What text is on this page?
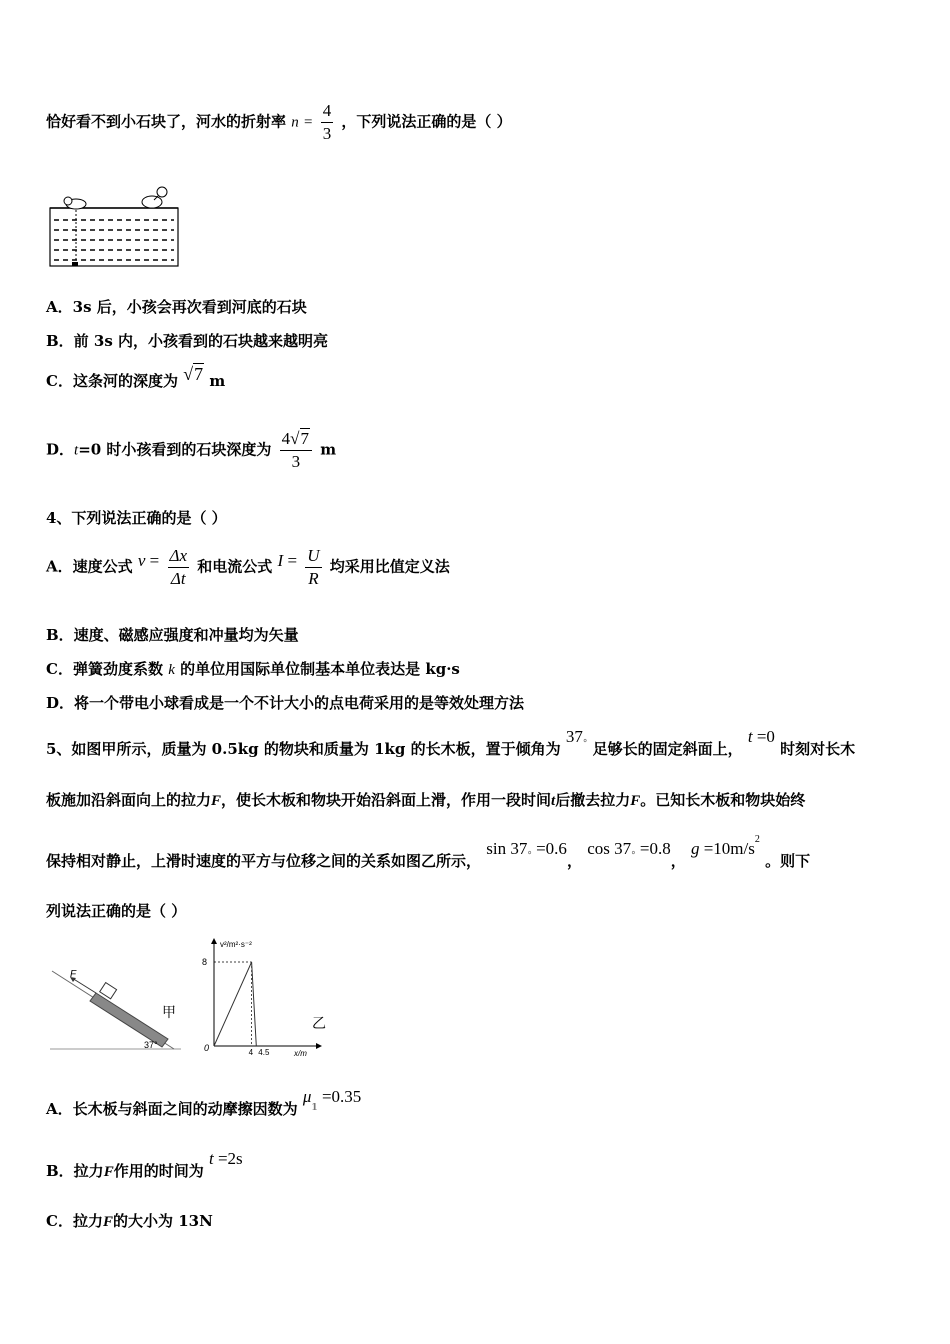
恰好看不到小石块了，河水的折射率 $n = \frac{4}{3}$ ，下列说法正确的是（ ）
A．3s 后，小孩会再次看到河底的石块
B．前 3s 内，小孩看到的石块越来越明亮
C．这条河的深度为 √7 m
D．t=0 时小孩看到的石块深度为 $\frac{4√7}{3}$ m
4、下列说法正确的是（ ）
A．速度公式 $v = \frac{\Delta x}{\Delta t}$ 和电流公式 $I = \frac{U}{R}$ 均采用比值定义法
B．速度、磁感应强度和冲量均为矢量
C．弹簧劲度系数 k 的单位用国际单位制基本单位表达是 kg·s
D．将一个带电小球看成是一个不计大小的点电荷采用的是等效处理方法
5、如图甲所示，质量为 0.5kg 的物块和质量为 1kg 的长木板，置于倾角为 37° 足够长的固定斜面上， t =0 时刻对长木
板施加沿斜面向上的拉力F，使长木板和物块开始沿斜面上滑，作用一段时间t后撤去拉力F。已知长木板和物块始终
保持相对静止，上滑时速度的平方与位移之间的关系如图乙所示， sin 37° =0.6， cos 37° =0.8， $g =10m/s^2$ 。则下
列说法正确的是（ ）
F
37°
甲
v²/m²·s⁻²
x/m
0
8
4 4.5
乙
A．长木板与斜面之间的动摩擦因数为 $\mu_1 =0.35$
B．拉力F作用的时间为 t =2s
C．拉力F的大小为 13N
